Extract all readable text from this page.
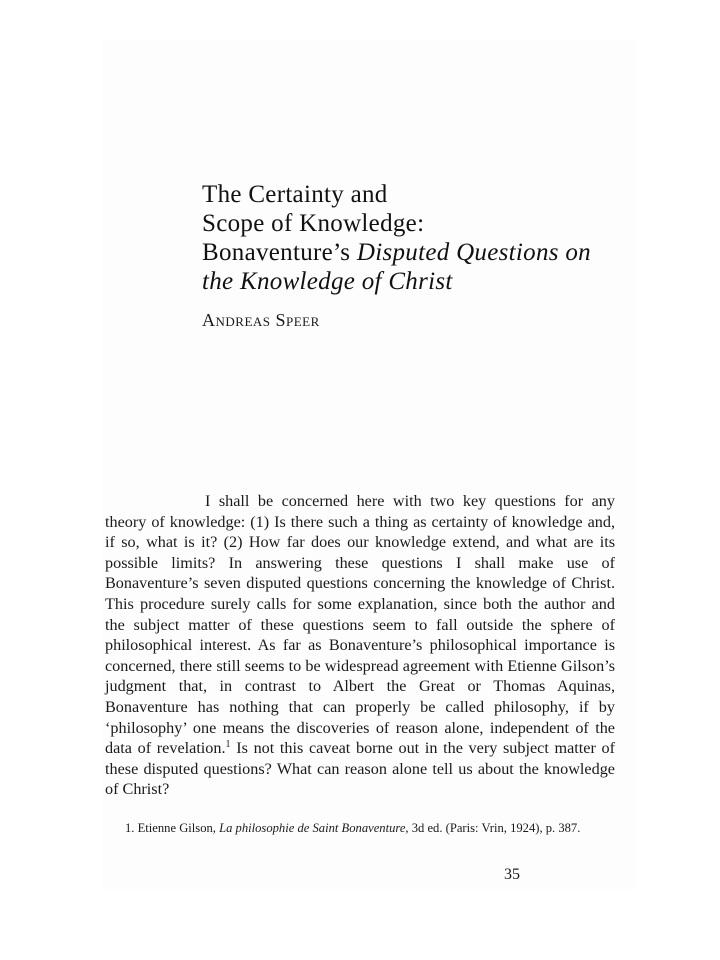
The Certainty and
Scope of Knowledge:
Bonaventure’s Disputed Questions on
the Knowledge of Christ
Andreas Speer

I shall be concerned here with two key questions for any theory of knowledge: (1) Is there such a thing as certainty of knowledge and, if so, what is it? (2) How far does our knowledge extend, and what are its possible limits? In answering these questions I shall make use of Bonaventure’s seven disputed questions concerning the knowledge of Christ. This procedure surely calls for some explanation, since both the author and the subject matter of these questions seem to fall outside the sphere of philosophical interest. As far as Bonaventure’s philosophical importance is concerned, there still seems to be widespread agreement with Etienne Gilson’s judgment that, in contrast to Albert the Great or Thomas Aquinas, Bonaventure has nothing that can properly be called philosophy, if by ‘philosophy’ one means the discoveries of reason alone, independent of the data of revelation.$^1$ Is not this caveat borne out in the very subject matter of these disputed questions? What can reason alone tell us about the knowledge of Christ?

1. Etienne Gilson, La philosophie de Saint Bonaventure, 3d ed. (Paris: Vrin, 1924), p. 387.

35
